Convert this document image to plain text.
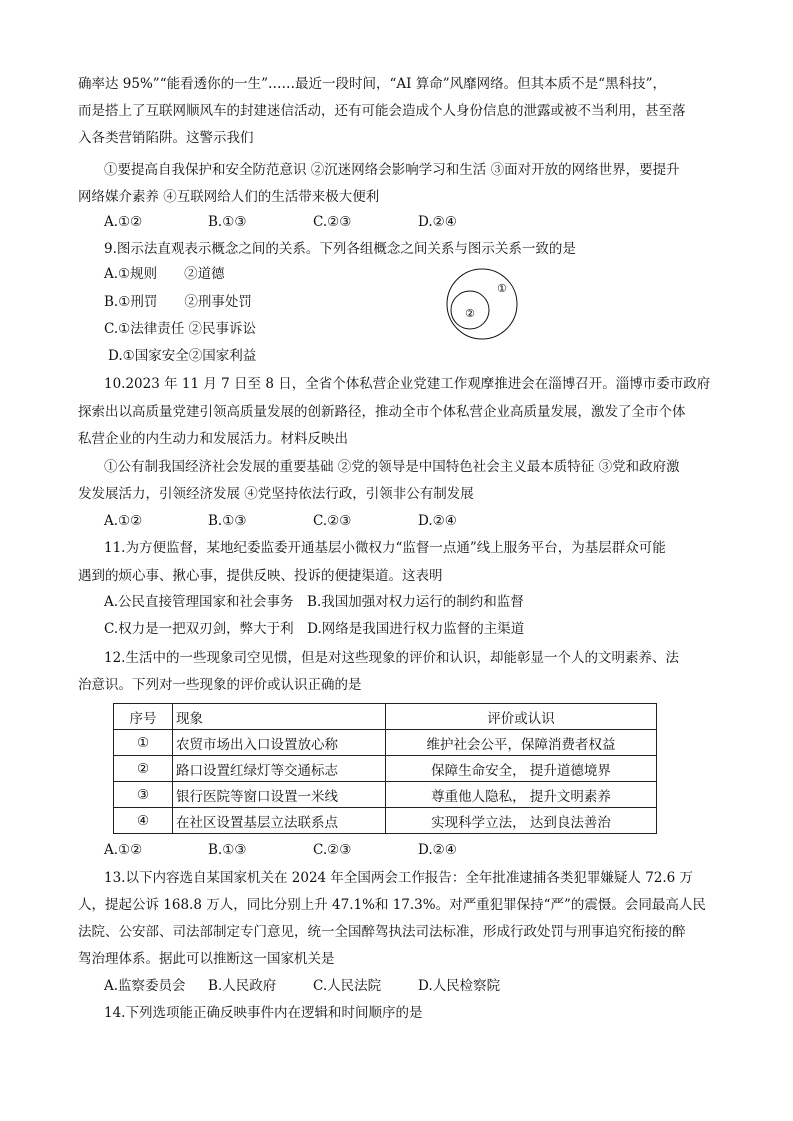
确率达 95%”“能看透你的一生”……最近一段时间，“AI 算命”风靡网络。但其本质不是“黑科技”，
而是搭上了互联网顺风车的封建迷信活动，还有可能会造成个人身份信息的泄露或被不当利用，甚至落
入各类营销陷阱。这警示我们
①要提高自我保护和安全防范意识 ②沉迷网络会影响学习和生活 ③面对开放的网络世界，要提升
网络媒介素养 ④互联网给人们的生活带来极大便利
A.①②	B.①③	C.②③	D.②④
9.图示法直观表示概念之间的关系。下列各组概念之间关系与图示关系一致的是
A.①规则　　②道德
B.①刑罚　　②刑事处罚
C.①法律责任 ②民事诉讼
D.①国家安全②国家利益
①
②
10.2023 年 11 月 7 日至 8 日，全省个体私营企业党建工作观摩推进会在淄博召开。淄博市委市政府
探索出以高质量党建引领高质量发展的创新路径，推动全市个体私营企业高质量发展，激发了全市个体
私营企业的内生动力和发展活力。材料反映出
①公有制我国经济社会发展的重要基础 ②党的领导是中国特色社会主义最本质特征 ③党和政府激
发发展活力，引领经济发展 ④党坚持依法行政，引领非公有制发展
A.①②	B.①③	C.②③	D.②④
11.为方便监督，某地纪委监委开通基层小微权力“监督一点通”线上服务平台，为基层群众可能
遇到的烦心事、揪心事，提供反映、投诉的便捷渠道。这表明
A.公民直接管理国家和社会事务　B.我国加强对权力运行的制约和监督
C.权力是一把双刃剑，弊大于利　D.网络是我国进行权力监督的主渠道
12.生活中的一些现象司空见惯，但是对这些现象的评价和认识，却能彰显一个人的文明素养、法
治意识。下列对一些现象的评价或认识正确的是
序号	现象	评价或认识
①	农贸市场出入口设置放心称	维护社会公平，保障消费者权益
②	路口设置红绿灯等交通标志	保障生命安全， 提升道德境界
③	银行医院等窗口设置一米线	尊重他人隐私， 提升文明素养
④	在社区设置基层立法联系点	实现科学立法， 达到良法善治
A.①②	B.①③	C.②③	D.②④
13.以下内容选自某国家机关在 2024 年全国两会工作报告：全年批准逮捕各类犯罪嫌疑人 72.6 万
人，提起公诉 168.8 万人，同比分别上升 47.1%和 17.3%。对严重犯罪保持“严”的震慑。会同最高人民
法院、公安部、司法部制定专门意见，统一全国醉驾执法司法标准，形成行政处罚与刑事追究衔接的醉
驾治理体系。据此可以推断这一国家机关是
A.监察委员会 B.人民政府	C.人民法院	D.人民检察院
14.下列选项能正确反映事件内在逻辑和时间顺序的是
